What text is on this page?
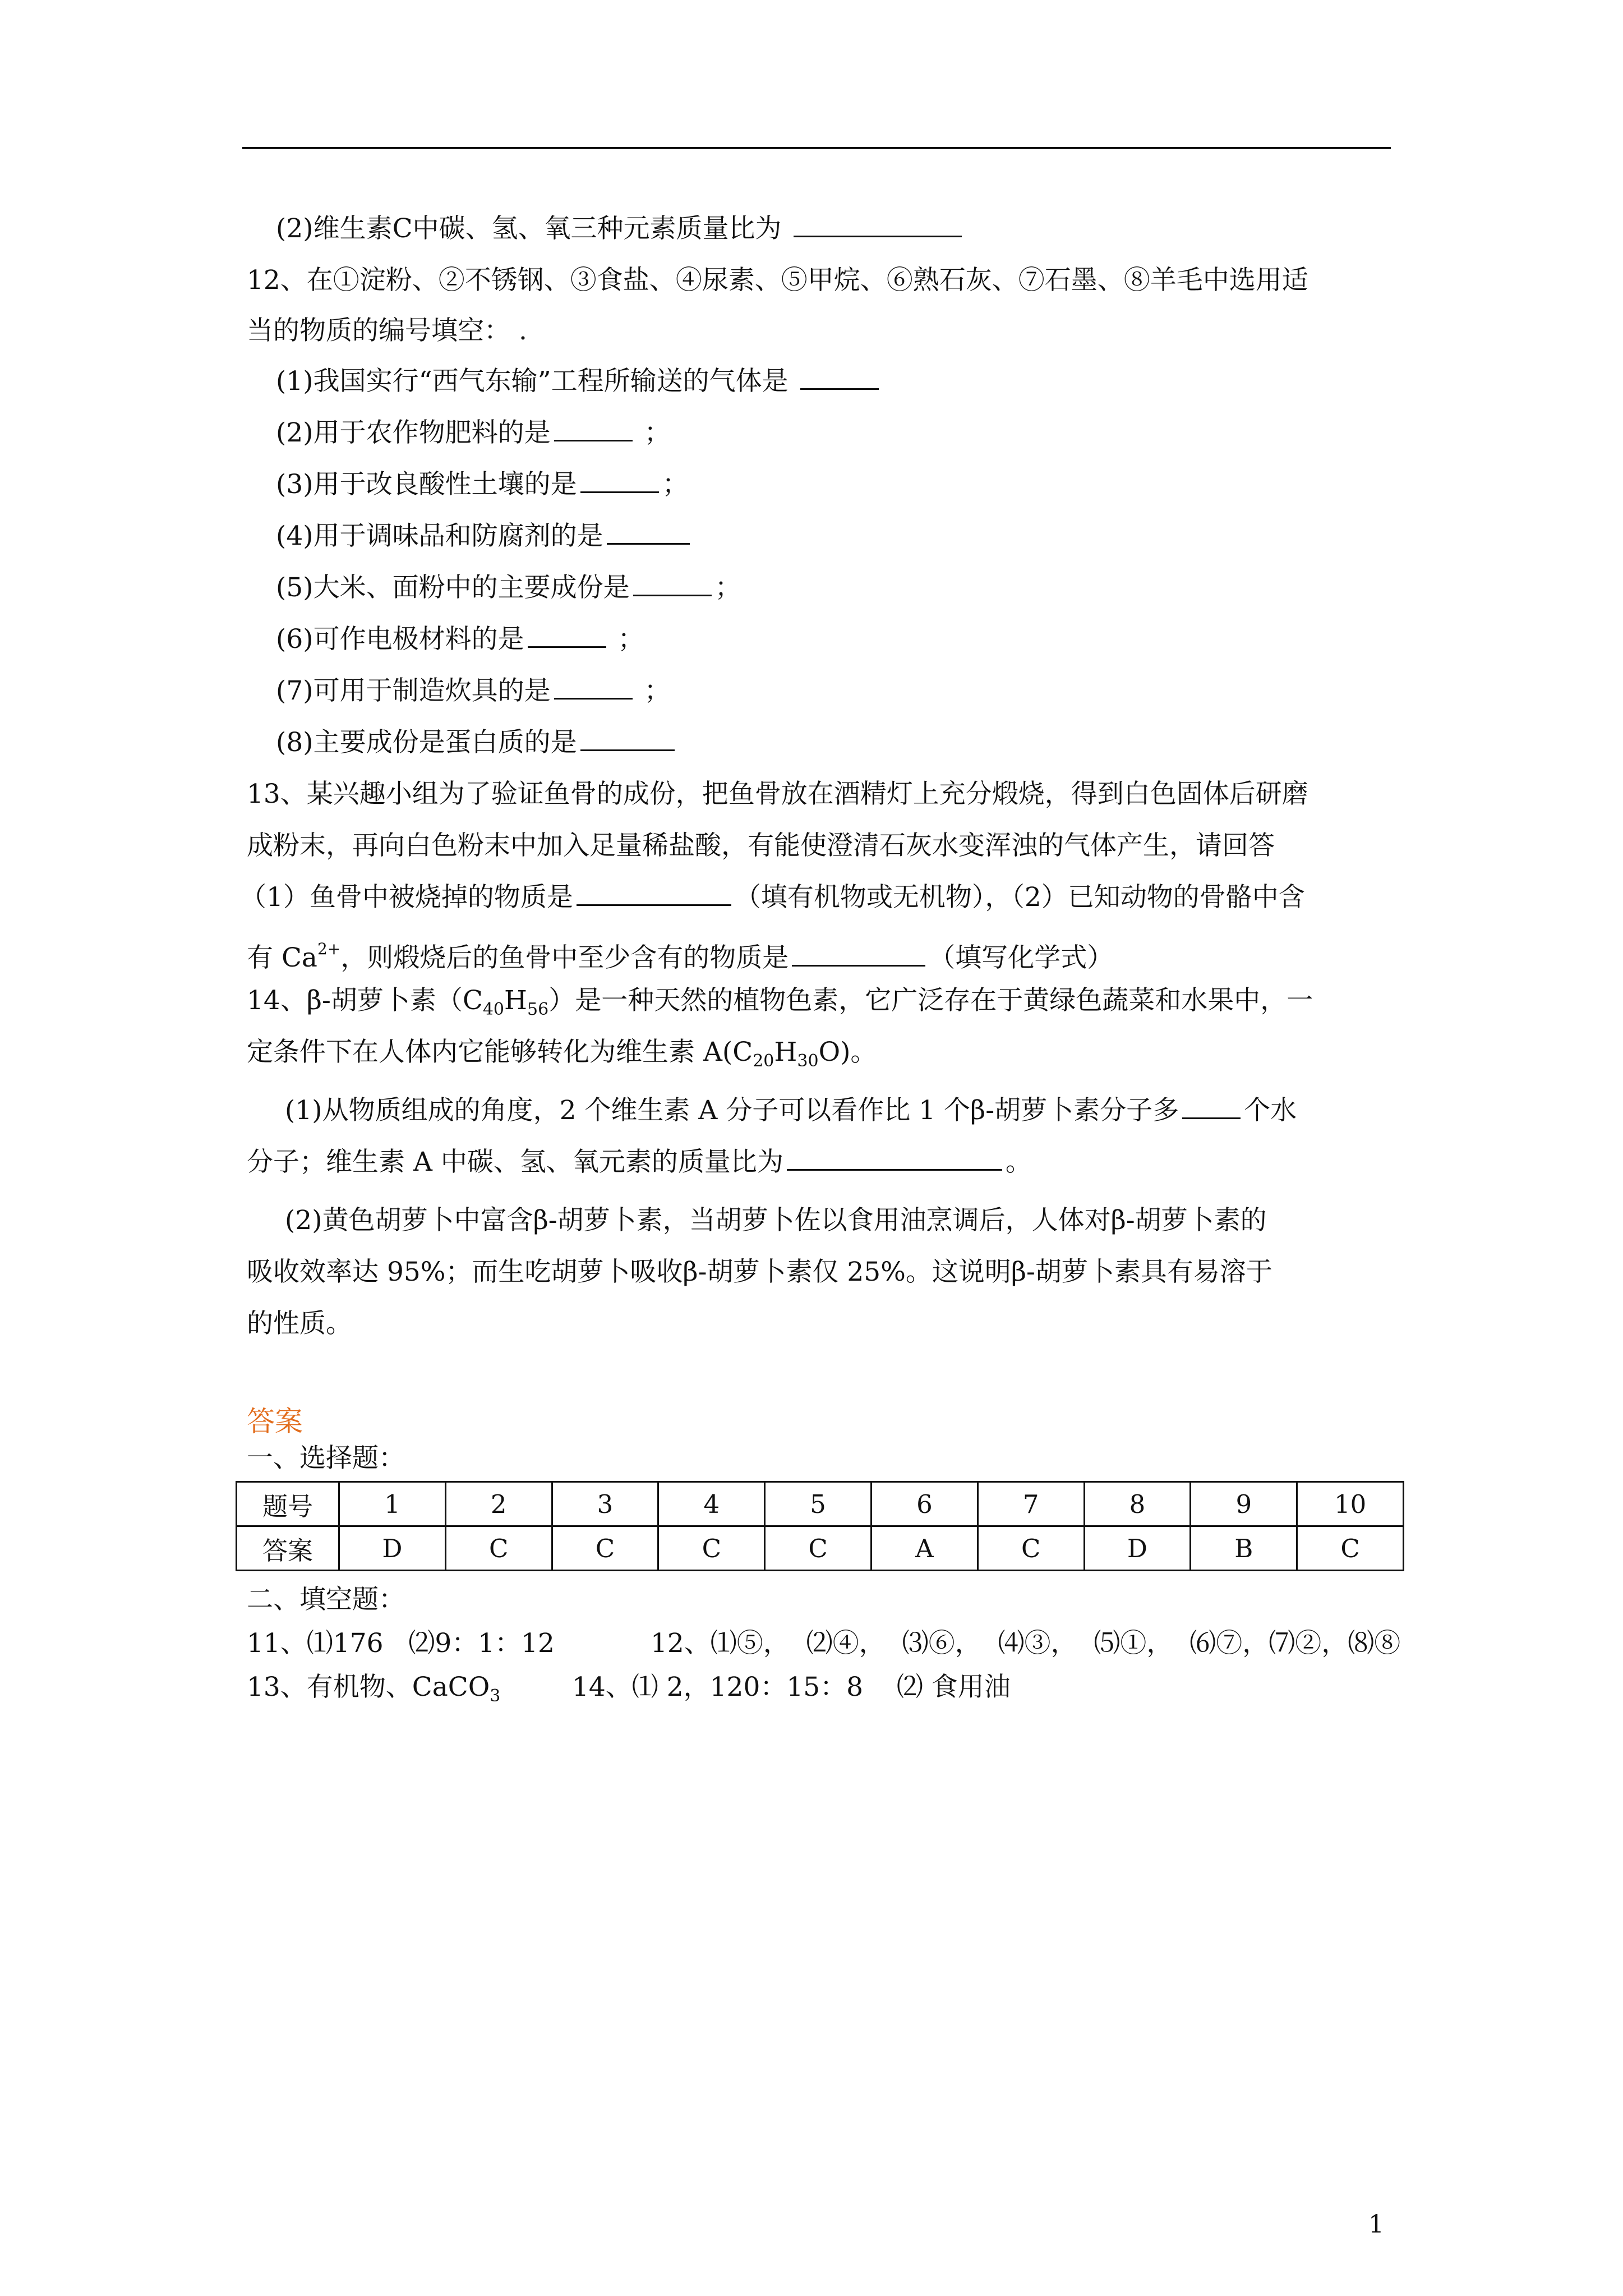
(2)维生素C中碳、氢、氧三种元素质量比为
12、在①淀粉、②不锈钢、③食盐、④尿素、⑤甲烷、⑥熟石灰、⑦石墨、⑧羊毛中选用适
当的物质的编号填空： .
(1)我国实行“西气东输”工程所输送的气体是
(2)用于农作物肥料的是	；
(3)用于改良酸性土壤的是	；
(4)用于调味品和防腐剂的是
(5)大米、面粉中的主要成份是	；
(6)可作电极材料的是	；
(7)可用于制造炊具的是	；
(8)主要成份是蛋白质的是
13、某兴趣小组为了验证鱼骨的成份，把鱼骨放在酒精灯上充分煅烧，得到白色固体后研磨
成粉末，再向白色粉末中加入足量稀盐酸，有能使澄清石灰水变浑浊的气体产生，请回答
（1）鱼骨中被烧掉的物质是	（填有机物或无机物），（2）已知动物的骨骼中含
有 $Ca^{2+}$，则煅烧后的鱼骨中至少含有的物质是	（填写化学式）
14、β-胡萝卜素$(C_{40}H_{56})$是一种天然的植物色素，它广泛存在于黄绿色蔬菜和水果中，一
定条件下在人体内它能够转化为维生素 $A(C_{20}H_{30}O)$。
(1)从物质组成的角度，2 个维生素 A 分子可以看作比 1 个β-胡萝卜素分子多 个水
分子；维生素 A 中碳、氢、氧元素的质量比为	。
(2)黄色胡萝卜中富含β-胡萝卜素，当胡萝卜佐以食用油烹调后，人体对β-胡萝卜素的
吸收效率达 95%；而生吃胡萝卜吸收β-胡萝卜素仅 25%。这说明β-胡萝卜素具有易溶于
的性质。
答案
一、选择题：
题号	1	2	3	4	5	6	7	8	9	10
答案	D	C	C	C	C	A	C	D	B	C
二、填空题：
11、⑴176   ⑵9：1：12	12、⑴⑤，  ⑵④，  ⑶⑥，  ⑷③，  ⑸①，  ⑹⑦，⑺②，⑻⑧
13、有机物、CaCO$_3$	14、⑴ 2，120：15：8    ⑵ 食用油
1
